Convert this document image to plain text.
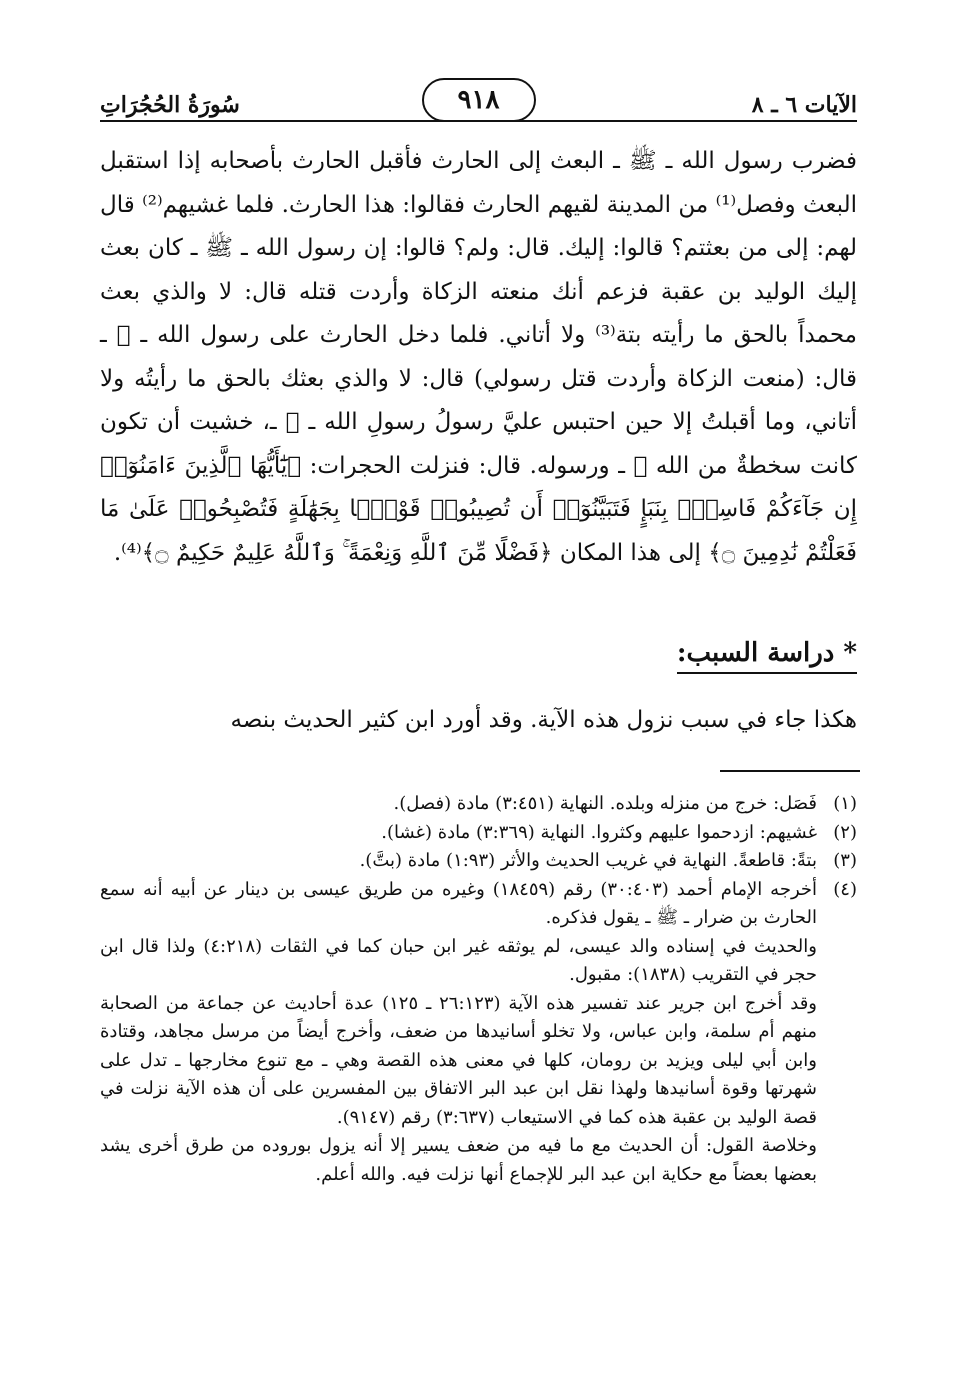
الآيات ٦ ـ ٨
٩١٨
سُورَةُ الحُجُرَاتِ

فضرب رسول الله ـ ﷺ ـ البعث إلى الحارث فأقبل الحارث بأصحابه إذا استقبل البعث وفصل⁽¹⁾ من المدينة لقيهم الحارث فقالوا: هذا الحارث. فلما غشيهم⁽²⁾ قال لهم: إلى من بعثتم؟ قالوا: إليك. قال: ولم؟ قالوا: إن رسول الله ـ ﷺ ـ كان بعث إليك الوليد بن عقبة فزعم أنك منعته الزكاة وأردت قتله قال: لا والذي بعث محمداً بالحق ما رأيته بتة⁽³⁾ ولا أتاني. فلما دخل الحارث على رسول الله ـ ﷺ ـ قال: (منعت الزكاة وأردت قتل رسولي) قال: لا والذي بعثك بالحق ما رأيتُه ولا أتاني، وما أقبلتُ إلا حين احتبس عليَّ رسولُ رسولِ الله ـ ﷺ ـ، خشيت أن تكون كانت سخطةٌ من الله ﷻ ـ ورسوله. قال: فنزلت الحجرات: ﴿يَٰٓأَيُّهَا ٱلَّذِينَ ءَامَنُوٓا۟ إِن جَآءَكُمْ فَاسِقٌۢ بِنَبَإٍ فَتَبَيَّنُوٓا۟ أَن تُصِيبُوا۟ قَوْمًۢا بِجَهَٰلَةٍ فَتُصْبِحُوا۟ عَلَىٰ مَا فَعَلْتُمْ نَٰدِمِينَ ۝﴾ إلى هذا المكان ﴿فَضْلًا مِّنَ ٱللَّهِ وَنِعْمَةً ۚ وَٱللَّهُ عَلِيمٌ حَكِيمٌ ۝﴾⁽⁴⁾.

* دراسة السبب:
هكذا جاء في سبب نزول هذه الآية. وقد أورد ابن كثير الحديث بنصه
(١)

فَصَل: خرج من منزله وبلده. النهاية (٣:٤٥١) مادة (فصل).

(٢)

غشيهم: ازدحموا عليهم وكثروا. النهاية (٣:٣٦٩) مادة (غشا).

(٣)

بتةً: قاطعةً. النهاية في غريب الحديث والأثر (١:٩٣) مادة (بتَّ).

(٤)

أخرجه الإمام أحمد (٣٠:٤٠٣) رقم (١٨٤٥٩) وغيره من طريق عيسى بن دينار عن أبيه أنه سمع الحارث بن ضرار ـ ﷺ ـ يقول فذكره.

والحديث في إسناده والد عيسى، لم يوثقه غير ابن حبان كما في الثقات (٤:٢١٨) ولذا قال ابن حجر في التقريب (١٨٣٨): مقبول.

وقد أخرج ابن جرير عند تفسير هذه الآية (٢٦:١٢٣ ـ ١٢٥) عدة أحاديث عن جماعة من الصحابة منهم أم سلمة، وابن عباس، ولا تخلو أسانيدها من ضعف، وأخرج أيضاً من مرسل مجاهد، وقتادة وابن أبي ليلى ويزيد بن رومان، كلها في معنى هذه القصة وهي ـ مع تنوع مخارجها ـ تدل على شهرتها وقوة أسانيدها ولهذا نقل ابن عبد البر الاتفاق بين المفسرين على أن هذه الآية نزلت في قصة الوليد بن عقبة هذه كما في الاستيعاب (٣:٦٣٧) رقم (٩١٤٧).

وخلاصة القول: أن الحديث مع ما فيه من ضعف يسير إلا أنه يزول بوروده من طرق أخرى يشد بعضها بعضاً مع حكاية ابن عبد البر للإجماع أنها نزلت فيه. والله أعلم.
